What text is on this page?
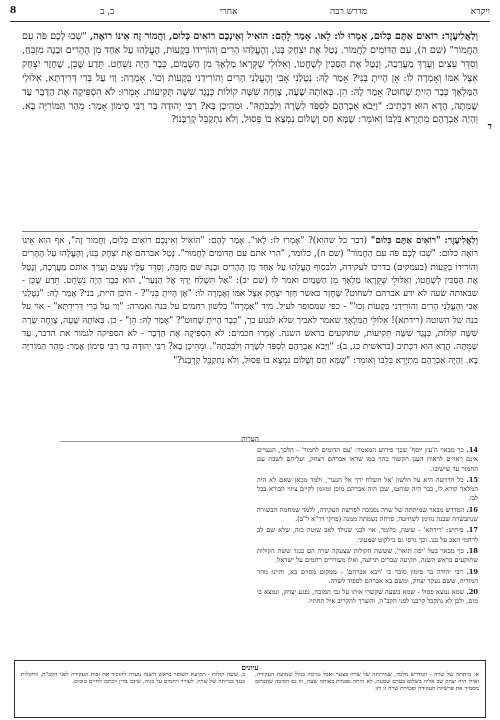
8	כ, ב	אחרי	מדרש רבה	ויקרא
ד
וְלַאֲלִיעֶזֶר: רוֹאִים אַתֶּם כְּלוּם, אָמְרוּ לוֹ: לָאו. אָמַר לָהֶם: הוֹאִיל וְאֵינְכֶם רוֹאִים כְּלוּם, וַחֲמוֹר זֶה אֵינוֹ רוֹאֶה, "שְׁבוּ לָכֶם פֹּה עִם הַחֲמוֹר" (שם ה), עִם הַדּוֹמִים לַחֲמוֹר. נָטַל אֶת יִצְחָק בְּנוֹ, וְהֶעֱלָהוּ הָרִים וְהוֹרִידוֹ בְּקָעוֹת, הֶעֱלָהוּ עַל אַחַד מִן הֶהָרִים וּבָנָה מִזְבֵּחַ, וְסִדֵּר עֵצִים וְעָרַךְ מַעֲרָכָה, וְנָטַל אֶת הַסַּכִּין לְשָׁחֳטוֹ, וְאִלּוּלֵי שֶׁקְּרָאוֹ מַלְאָךְ מִן הַשָּׁמַיִם, כְּבָר הָיָה נִשְׁחָט. תֵּדַע שֶׁכֵּן, שֶׁחָזַר יִצְחָק אֵצֶל אִמּוֹ וְאָמְרָה לוֹ: אָן הָיִיתָ בְּנִי? אָמַר לָהּ: נְטָלַנִי אָבִי וְהֶעֱלַנִי הָרִים וְהוֹרִידַנִי בְּקָעוֹת וְכוּ'. אָמְרָה: וַוי עַל בְּרִי דְּרִידְתָּא, אִלּוּלֵי הַמַּלְאָךְ כְּבָר הָיִיתָ שָׁחוּט? אָמַר לָהּ: הֵן. בְּאוֹתָהּ שָׁעָה, צָוְחָה שִׁשָּׁה קוֹלוֹת כְּנֶגֶד שִׁשָּׁה תְּקִיעוֹת. אָמְרוּ: לֹא הִסְפִּיקָה אֶת הַדָּבָר עַד שֶׁמֵּתָה, הֲדָא הוּא דִכְתִיב: "וַיָּבֹא אַבְרָהָם לִסְפֹּד לְשָׂרָה וְלִבְכֹּתָהּ". וּמֵהֵיכָן בָּא? רַבִּי יְהוּדָה בַּר רַבִּי סִימוֹן אָמַר: מֵהַר הַמּוֹרִיָּה בָּא. וְהָיָה אַבְרָהָם מִתְיָרֵא בִּלְבּוֹ וְאוֹמֵר: שֶׁמָּא חַס וְשָׁלוֹם נִמְצָא בוֹ פְּסוּל, וְלֹא נִתְקַבֵּל קָרְבָּנוֹ?
וְלַאֲלִיעֶזֶר: "רוֹאִים אַתֶּם כְּלוּם" (דבר כל שהוא)? "אָמְרוּ לוֹ: לָאו". אָמַר לָהֶם: "הוֹאִיל וְאֵינְכֶם רוֹאִים כְּלוּם, וַחֲמוֹר זֶה", אף הוא אֵינוֹ רוֹאֶה כלום: "שְׁבוּ לָכֶם פֹּה עִם הַחֲמוֹר" (שם ה), כלומר, "הרי אתם עִם הַדּוֹמִים לַחֲמוֹר". נָטַל אברהם אֶת יִצְחָק בְּנוֹ, וְהֶעֱלָהוּ עַל הֶהָרִים וְהוֹרִידוֹ בְּקָעוֹת (בעמקים) בדרכו לעקידה, ולבסוף הֶעֱלָהוּ עַל אַחַד מִן הֶהָרִים וּבָנָה שם מִזְבֵּחַ, וְסִדֵּר עָלָיו עֵצִים וְעָרַךְ אותם מַעֲרָכָה, וְנָטַל אֶת הַסַּכִּין לְשָׁחֳטוֹ, וְאִלּוּלֵי שֶׁקְּרָאוֹ מַלְאָךְ מִן הַשָּׁמַיִם ואמר לו (שם יב): "אַל תִּשְׁלַח יָדְךָ אֶל הַנַּעַר", הוא כְּבָר הָיָה נִשְׁחָט. תֵּדַע שֶׁכֵּן - שבאותה שעה לא ידע אברהם לשחוט? שֶׁחָזַר כאשר חָזַר יִצְחָק אֵצֶל אִמּוֹ וְאָמְרָה לוֹ: "אָן הָיִיתָ בְּנִי"? - היכן היית, בני? אָמַר לָהּ: "נְטָלַנִי אָבִי וְהֶעֱלַנִי הָרִים וְהוֹרִידַנִי בְּקָעוֹת וְכוּ'" - כפי שמסופר לעיל. מיד "אָמְרָה" בלשון רחמים על בנה ואמרה: "וַוי עַל בְּרִי דְּרִידְתָּא" - אוי על בנה של השוטה (רידתא)! אִלּוּלֵי הַמַּלְאָךְ שאמר לאביך שלא לנגוע בך, "כְּבָר הָיִיתָ שָׁחוּט"? "אָמַר לָהּ: הֵן" - כן. בְּאוֹתָהּ שָׁעָה, צָוְחָה שָׂרָה שִׁשָּׁה קוֹלוֹת, כְּנֶגֶד שִׁשָּׁה תְּקִיעוֹת, שתוקעים בראש השנה. אָמְרוּ חכמים: לֹא הִסְפִּיקָה אֶת הַדָּבָר - לא הספיקה לגמור את הדבר, עַד שֶׁמֵּתָה. הֲדָא הוּא דִכְתִיב (בראשית כג, ב): "וַיָּבֹא אַבְרָהָם לִסְפֹּד לְשָׂרָה וְלִבְכֹּתָהּ". וּמֵהֵיכָן בָּא? רַבִּי יְהוּדָה בַּר רַבִּי סִימוֹן אָמַר: מֵהַר הַמּוֹרִיָּה בָּא. וְהָיָה אַבְרָהָם מִתְיָרֵא בִּלְבּוֹ וְאוֹמֵר: "שֶׁמָּא חַס וְשָׁלוֹם נִמְצָא בוֹ פְּסוּל, וְלֹא נִתְקַבֵּל קָרְבָּנוֹ?"
הערות

14. כך מבאר ה'עץ יוסף' שכך פירוש המאמר: 'עם הדומים לחמור' - הלכך, הנערים אינם ראויים לראות הענן הקשור בהר כמו שראו אברהם ויצחק, ועליהם לשבת עם החמור עד שישובו.

15. כל הדרשה היא על הלשון 'אל תשלח ידך אל הנער', ולמד מכאן שאם לא היה המלאך קורא לו, כבר היה שוחטו, שכן היה אברהם מוכן ומזומן לקיים ציווי הבורא בכל לבו.

16. המדרש מבאר שמיתתה של שרה נסמכה לפרשת העקידה, ללמד שמחמת הבשורה שנתבשרה שבנה נזדמן לשחיטה, פרחה נשמתה ממנה (פרקי דר"א ל"ב).

17. פירוש: 'רידתא' - שוטה, כלומר, אוי לבני שנולד לאב שוטה כזה, שלא שם לב לרחמי האב על בנו. וכך גרסו גם בילקוט שמעוני.

18. כך מבאר בעל 'יפה תואר', שששת הקולות שצעקה שרה הם כנגד ששת הקולות שתוקעים בראש השנה, תקיעה שברים תרועה, ואלו מעוררים רחמים על ישראל.

19. רבי יהודה בר סימון סובר כי 'ויבא אברהם' - ממקום מסוים בא, והיינו מהר המוריה, ששם נעקד יצחק, ומשם בא אברהם לספוד לשרה.

20. שמא נמצא פסול - שמא בשעה שקשרו אותו על גבי המזבח, נפגע יצחק, ונמצא בו מום, ולכן לא נתקבל קרבנו לפני הקב"ה, והוצרך להקריב איל תחתיו.

עיונים

א. מיתתה של שרה - המדרש מלמד, שמיתתה של שרה בצער ואבל נגרמה בגלל שמועת העקידה, ואילו היה יצחק שב אליה בשלום בטרם שמעה, לא היתה נפטרת באותה שעה, וזו גם הסיבה שהכתוב מסמיך את פרשיות העקידה ופטירת שרה זו לזו.

ב. ששה קולות - תקיעת השופר בראש השנה נועדה להזכיר את זכות העקידה לפני הקב"ה, והקולות כנגד בכייתה של שרה, לעורר רחמים על בניה, שיזכו בדין ויכתבו לחיים טובים.
